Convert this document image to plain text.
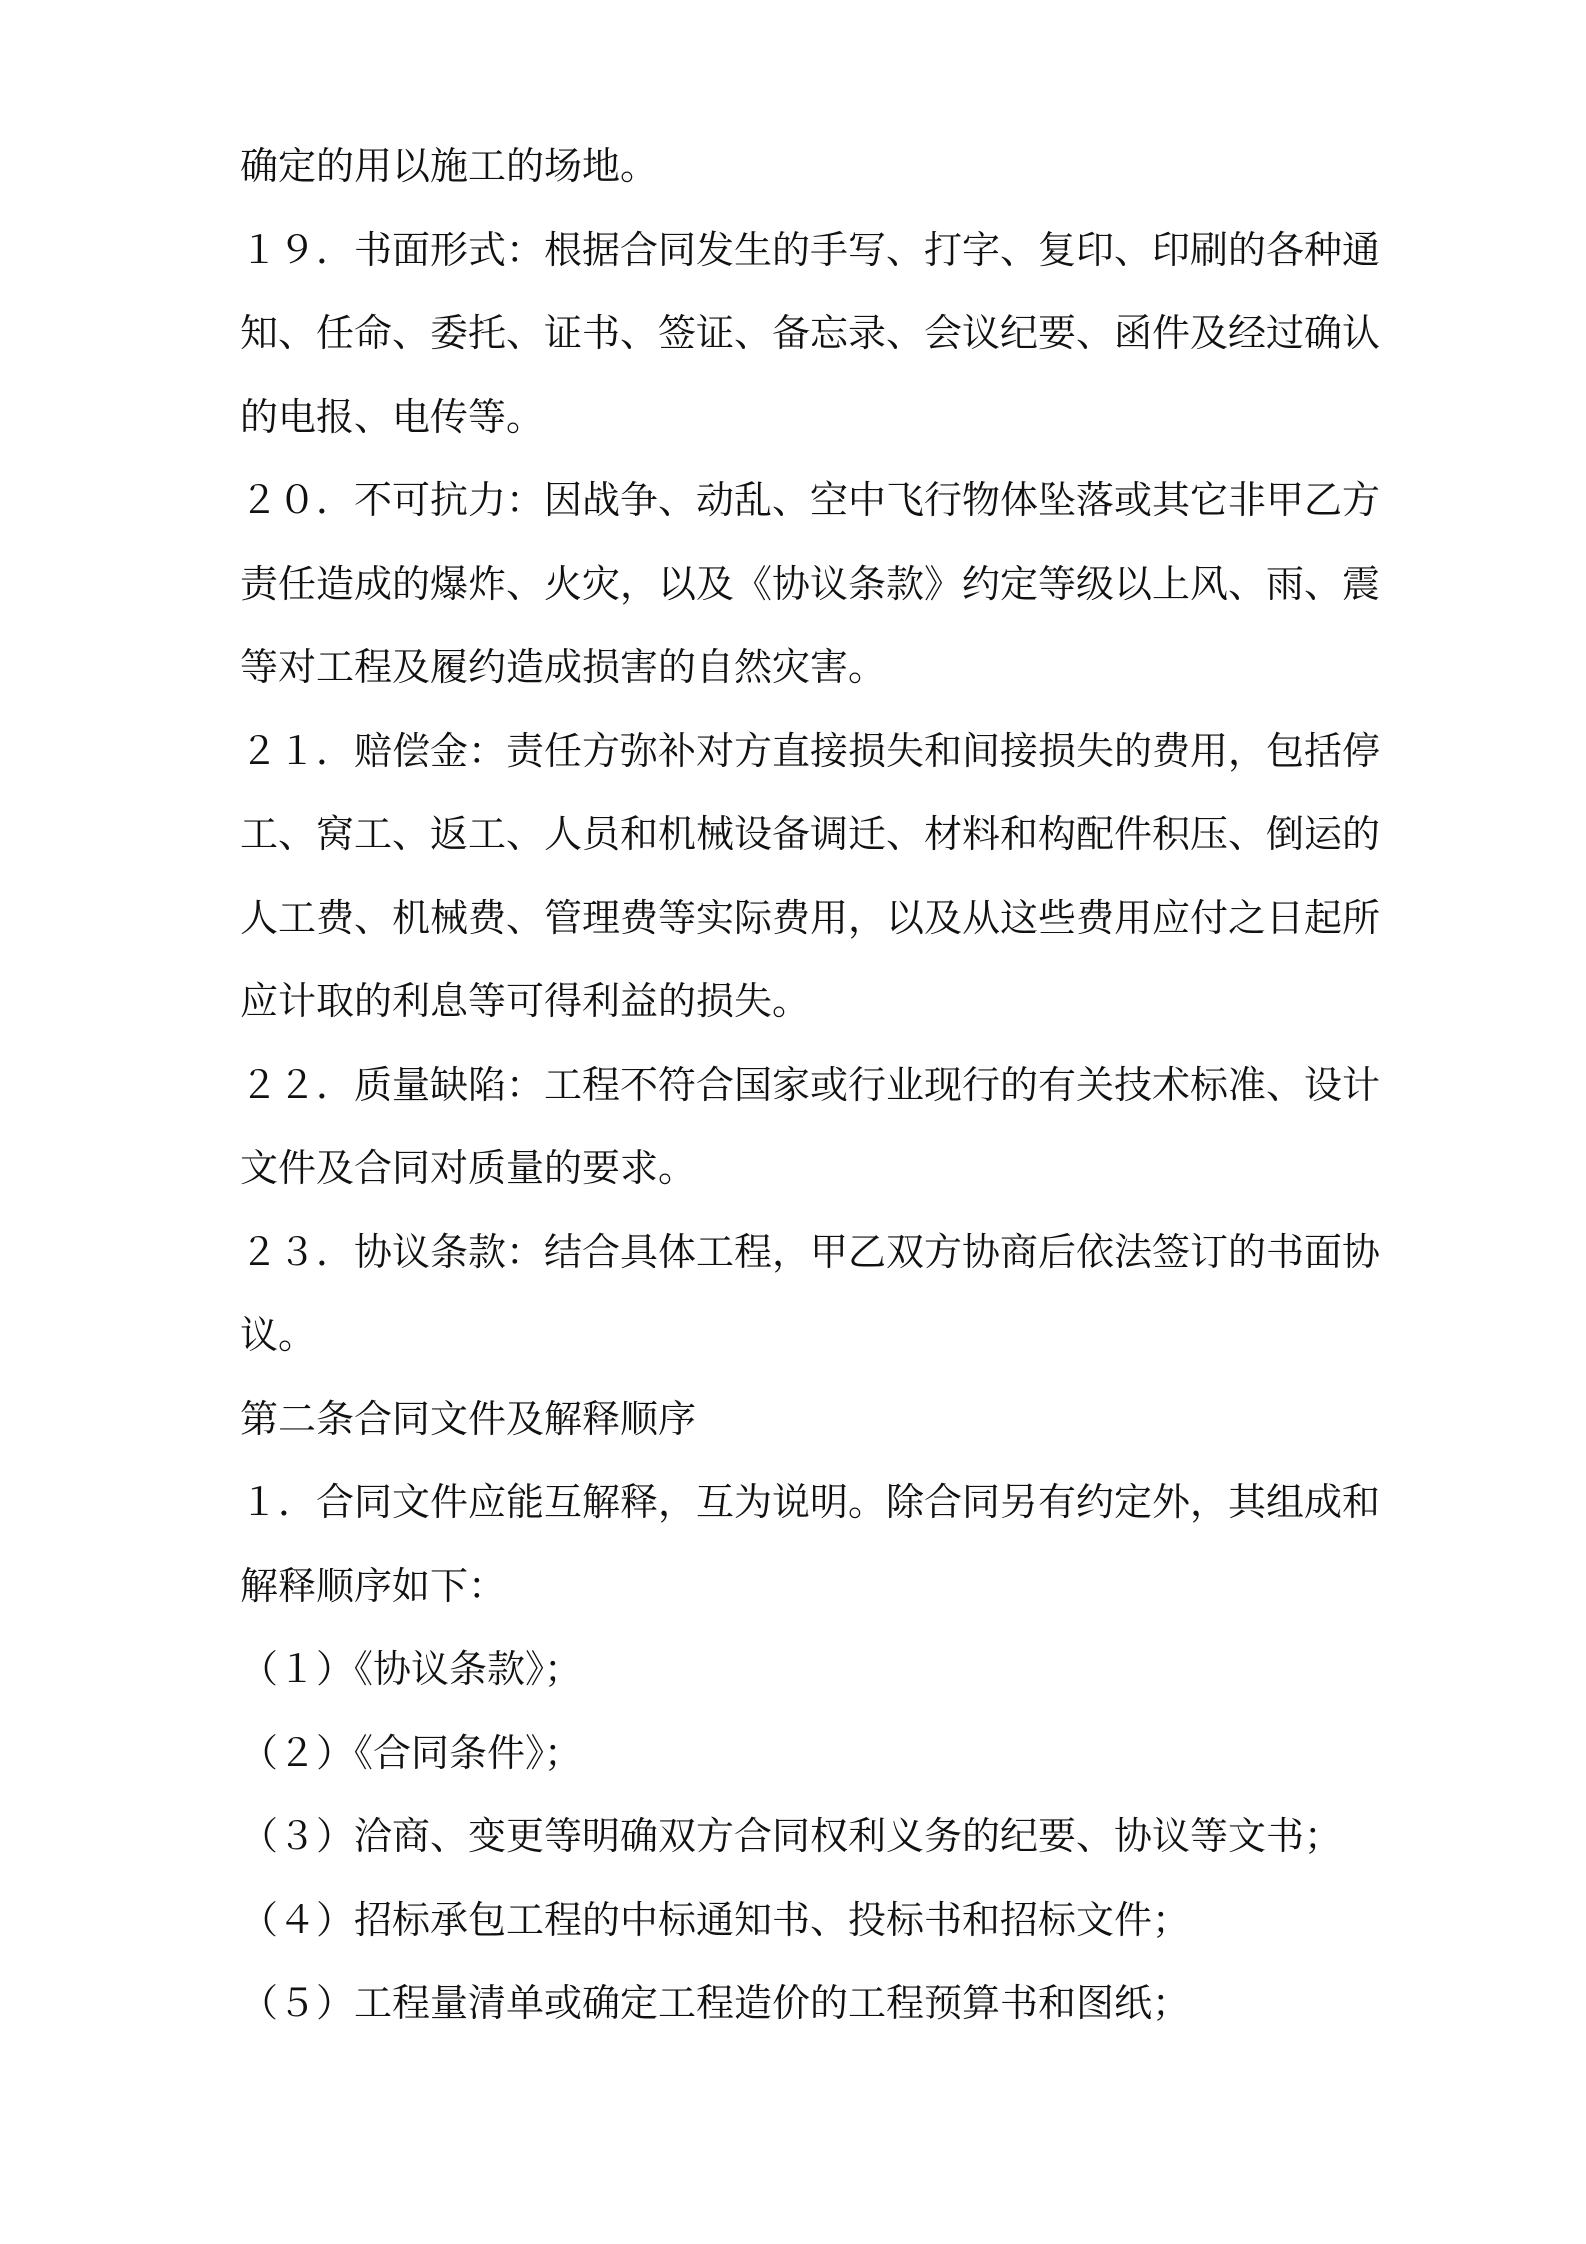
确定的用以施工的场地。
１９．书面形式：根据合同发生的手写、打字、复印、印刷的各种通
知、任命、委托、证书、签证、备忘录、会议纪要、函件及经过确认
的电报、电传等。
２０．不可抗力：因战争、动乱、空中飞行物体坠落或其它非甲乙方
责任造成的爆炸、火灾，以及《协议条款》约定等级以上风、雨、震
等对工程及履约造成损害的自然灾害。
２１．赔偿金：责任方弥补对方直接损失和间接损失的费用，包括停
工、窝工、返工、人员和机械设备调迁、材料和构配件积压、倒运的
人工费、机械费、管理费等实际费用，以及从这些费用应付之日起所
应计取的利息等可得利益的损失。
２２．质量缺陷：工程不符合国家或行业现行的有关技术标准、设计
文件及合同对质量的要求。
２３．协议条款：结合具体工程，甲乙双方协商后依法签订的书面协
议。
第二条合同文件及解释顺序
１．合同文件应能互解释，互为说明。除合同另有约定外，其组成和
解释顺序如下：
（１）《协议条款》；
（２）《合同条件》；
（３）洽商、变更等明确双方合同权利义务的纪要、协议等文书；
（４）招标承包工程的中标通知书、投标书和招标文件；
（５）工程量清单或确定工程造价的工程预算书和图纸；
